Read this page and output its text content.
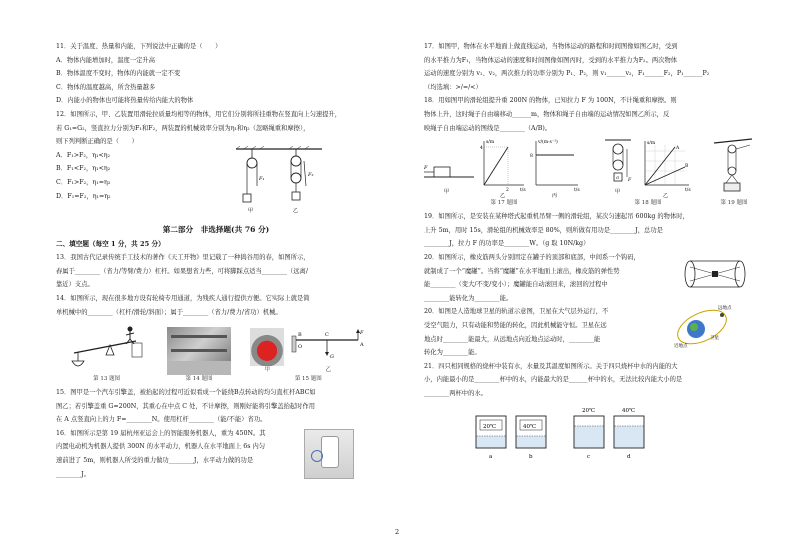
11．关于温度、热量和内能，下列说法中正确的是（　　）
A．物体内能增加时，温度一定升高
B．物体温度不变时，物体的内能就一定不变
C．物体的温度越高，所含热量越多
D．内能小的物体也可能将热量传给内能大的物体
12．如图所示，甲、乙装置用滑轮拉质量均相等的物体，用它们分别将所挂重物在竖直向上匀速提升，
若 G₁=G₂，竖直拉力分别为F₁和F₂，两装置的机械效率分别为η₁和η₂（忽略绳重和摩擦），
则下列判断正确的是（　　）
A．F₁>F₂，η₁<η₂
B．F₁<F₂，η₁<η₂
C．F₁>F₂，η₁=η₂
D．F₁=F₂，η₁=η₂
F₁
甲
F₂
乙
第二部分　非选择题(共 76 分)
二、填空题（每空 1 分，共 25 分）
13．我国古代记录传统手工技术的著作《天工开物》里记载了一种捣谷用的春，如图所示，
舂属于________（省力/等臂/费力）杠杆。如果想省力些，可将脚踩点适当________（远离/
靠近）支点。
14．如图所示，现在很多地方设有轮椅专用通道，为残疾人通行提供方便。它实际上就是简
单机械中的________（杠杆/滑轮/斜面）；属于________（省力/费力/省功）机械。
第 13 题图	第 14 题图
甲
B	C
A
F
O
G
乙
第 15 题图
15．图甲是一个汽车引擎盖，被抬起的过程可近似看成一个能绕B点转动的均匀直杠杆ABC如
图乙；若引擎盖重 G=200N，其重心在中点 C 处，不计摩擦，则刚好能将引擎盖抬起时作用
在 A 点竖直向上的力 F=________N。使用杠杆________（能/不能）省功。
16．如图所示是第 19 届杭州亚运会上的智能服务机器人，重为 450N。其
内置电动机为机器人提供 300N 的水平动力，机器人在水平地面上 6s 内匀
速前进了 5m，则机器人所受的重力做功________J，水平动力做的功是
________J。
17．如图甲，物体在水平地面上做直线运动，当物体运动的路程和时间图像如图乙时，受到
的水平推力为F₁，当物体运动的速度和时间图像如图丙时，受到的水平推力为F₂。两次物体
运动的速度分别为 v₁、v₂，两次推力的功率分别为 P₁、P₂，则 v₁______v₂，F₁______F₂，P₁______P₂
（均选填：>/=/<）
18．用如图甲的滑轮组提升重 200N 的物体，已知拉力 F 为 100N，不计绳重和摩擦。则
物体上升，这时绳子自由端移动______m，物体和绳子自由端的运动情况如图乙所示，反
映绳子自由端运动的图线是________（A/B)。
F
甲
s/m
4
2 t/s
乙
v/(m·s⁻¹)
8
t/s
丙
第 17 题图
F
G
甲
A
B
s/m
t/s
乙
第 18 题图	第 19 题图
19．如图所示，是安装在某种塔式起重机吊臂一侧的滑轮组，某次匀速起吊 600kg 的物体时，
上升 5m，用时 15s，滑轮组的机械效率是 80%，则所做有用功是________J，总功是
________J，拉力 F 的功率是________W。（g 取 10N/kg）
20．如图所示，橡皮筋两头分别固定在罐子的顶部和底部，中间系一个钩码，
就制成了一个“魔罐”。当将“魔罐”在水平地面上滚出，橡皮筋的弹性势
能________（变大/不变/变小）；魔罐能自动滚回来，滚回的过程中
________能转化为________能。
20．如图是人造地球卫星的轨道示意图，卫星在大气层外运行，不
受空气阻力，只有动能和势能的转化，因此机械能守恒。卫星在远
地点时________能最大，从远地点向近地点运动时，________能
转化为________能。
远地点
近地点
卫星
21．四只相同规格的烧杯中装有水，水量及其温度如图所示。关于四只烧杯中水的内能的大
小，内能最小的是________杯中的水，内能最大的是______杯中的水，无法比较内能大小的是
________两杯中的水。
20℃
a
40℃
b
20℃
c
40℃
d
2
